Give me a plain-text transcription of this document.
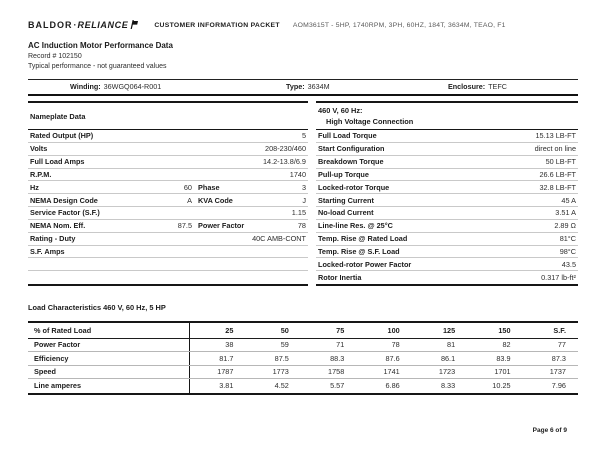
BALDOR · RELIANCE	CUSTOMER INFORMATION PACKET AOM3615T - 5HP, 1740RPM, 3PH, 60HZ, 184T, 3634M, TEAO, F1
AC Induction Motor Performance Data
Record # 102150
Typical performance - not guaranteed values
Winding: 36WGQ064-R001	Type: 3634M	Enclosure: TEFC
Nameplate Data
Rated Output (HP)	5
Volts	208-230/460
Full Load Amps	14.2-13.8/6.9
R.P.M.	1740
Hz	60 Phase	3
NEMA Design Code	A KVA Code	J
Service Factor (S.F.)	1.15
NEMA Nom. Eff.	87.5 Power Factor	78
Rating - Duty	40C AMB-CONT
S.F. Amps
460 V, 60 Hz:
High Voltage Connection
Full Load Torque	15.13 LB-FT
Start Configuration	direct on line
Breakdown Torque	50 LB-FT
Pull-up Torque	26.6 LB-FT
Locked-rotor Torque	32.8 LB-FT
Starting Current	45 A
No-load Current	3.51 A
Line-line Res. @ 25°C	2.89 Ω
Temp. Rise @ Rated Load	81°C
Temp. Rise @ S.F. Load	98°C
Locked-rotor Power Factor	43.5
Rotor Inertia	0.317 lb-ft²
Load Characteristics 460 V, 60 Hz, 5 HP
% of Rated Load	25	50	75	100	125	150	S.F.
Power Factor	38	59	71	78	81	82	77
Efficiency	81.7	87.5	88.3	87.6	86.1	83.9	87.3
Speed	1787	1773	1758	1741	1723	1701	1737
Line amperes	3.81	4.52	5.57	6.86	8.33	10.25	7.96
Page 6 of 9
